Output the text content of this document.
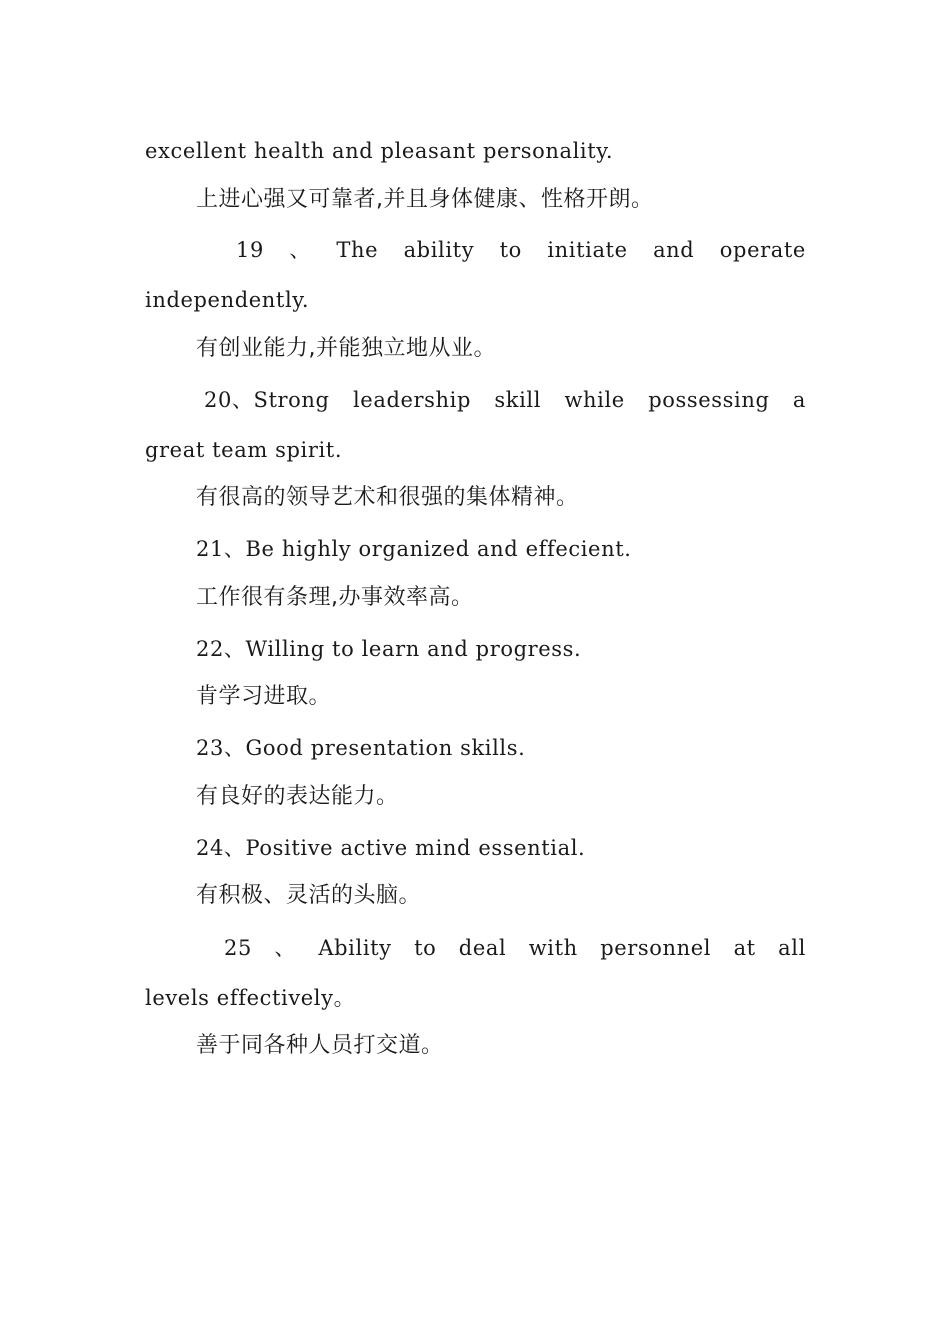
excellent health and pleasant personality.
上进心强又可靠者,并且身体健康、性格开朗。
19 、 The ability to initiate and operate
independently.
有创业能力,并能独立地从业。
20、Strong leadership skill while possessing a
great team spirit.
有很高的领导艺术和很强的集体精神。
21、Be highly organized and effecient.
工作很有条理,办事效率高。
22、Willing to learn and progress.
肯学习进取。
23、Good presentation skills.
有良好的表达能力。
24、Positive active mind essential.
有积极、灵活的头脑。
25 、 Ability to deal with personnel at all
levels effectively。
善于同各种人员打交道。
